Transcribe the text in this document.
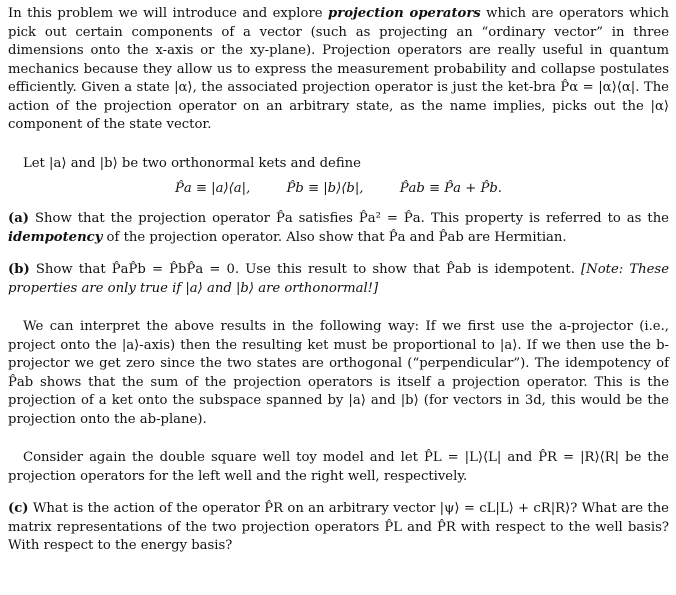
In this problem we will introduce and explore projection operators which are operators which pick out certain components of a vector (such as projecting an “ordinary vector” in three dimensions onto the x-axis or the xy-plane). Projection operators are really useful in quantum mechanics because they allow us to express the measurement probability and collapse postulates efficiently. Given a state |α⟩, the associated projection operator is just the ket-bra P̂α = |α⟩⟨α|. The action of the projection operator on an arbitrary state, as the name implies, picks out the |α⟩ component of the state vector.

Let |a⟩ and |b⟩ be two orthonormal kets and define

P̂a ≡ |a⟩⟨a|,	P̂b ≡ |b⟩⟨b|,	P̂ab ≡ P̂a + P̂b.

(a) Show that the projection operator P̂a satisfies P̂a² = P̂a. This property is referred to as the idempotency of the projection operator. Also show that P̂a and P̂ab are Hermitian.

(b) Show that P̂aP̂b = P̂bP̂a = 0. Use this result to show that P̂ab is idempotent. [Note: These properties are only true if |a⟩ and |b⟩ are orthonormal!]

We can interpret the above results in the following way: If we first use the a-projector (i.e., project onto the |a⟩-axis) then the resulting ket must be proportional to |a⟩. If we then use the b-projector we get zero since the two states are orthogonal (“perpendicular”). The idempotency of P̂ab shows that the sum of the projection operators is itself a projection operator. This is the projection of a ket onto the subspace spanned by |a⟩ and |b⟩ (for vectors in 3d, this would be the projection onto the ab-plane).

Consider again the double square well toy model and let P̂L = |L⟩⟨L| and P̂R = |R⟩⟨R| be the projection operators for the left well and the right well, respectively.

(c) What is the action of the operator P̂R on an arbitrary vector |ψ⟩ = cL|L⟩ + cR|R⟩? What are the matrix representations of the two projection operators P̂L and P̂R with respect to the well basis? With respect to the energy basis?
